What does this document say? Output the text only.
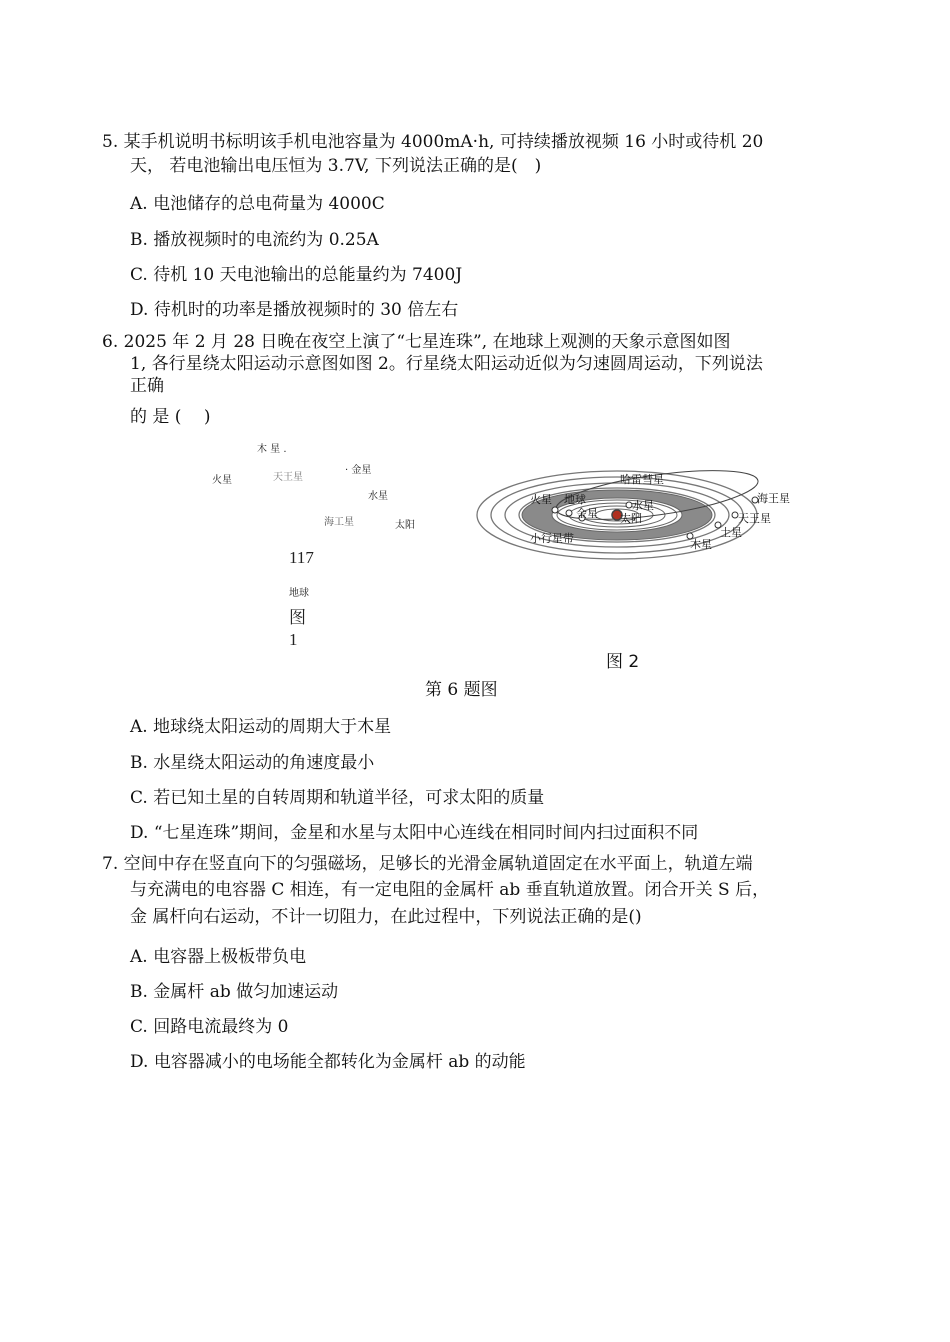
5. 某手机说明书标明该手机电池容量为 4000mA·h, 可持续播放视频 16 小时或待机 20
天， 若电池输出电压恒为 3.7V, 下列说法正确的是(　)
A. 电池储存的总电荷量为 4000C
B. 播放视频时的电流约为 0.25A
C. 待机 10 天电池输出的总能量约为 7400J
D. 待机时的功率是播放视频时的 30 倍左右
6. 2025 年 2 月 28 日晚在夜空上演了“七星连珠”, 在地球上观测的天象示意图如图
1, 各行星绕太阳运动示意图如图 2。行星绕太阳运动近似为匀速圆周运动，下列说法
正确
的 是 (　 )
木 星 .
火星	天王星
· 金星
水星
海工星	太阳
117
地球
图
1
哈雷彗星
火星 地球
金星
水星
太阳
小行星带
海王星
天王星
土星
木星
图 2
第 6 题图
A. 地球绕太阳运动的周期大于木星
B. 水星绕太阳运动的角速度最小
C. 若已知土星的自转周期和轨道半径，可求太阳的质量
D. “七星连珠”期间，金星和水星与太阳中心连线在相同时间内扫过面积不同
7. 空间中存在竖直向下的匀强磁场，足够长的光滑金属轨道固定在水平面上，轨道左端
与充满电的电容器 C 相连，有一定电阻的金属杆 ab 垂直轨道放置。闭合开关 S 后，
金 属杆向右运动，不计一切阻力，在此过程中，下列说法正确的是()
A. 电容器上极板带负电
B. 金属杆 ab 做匀加速运动
C. 回路电流最终为 0
D. 电容器减小的电场能全都转化为金属杆 ab 的动能
